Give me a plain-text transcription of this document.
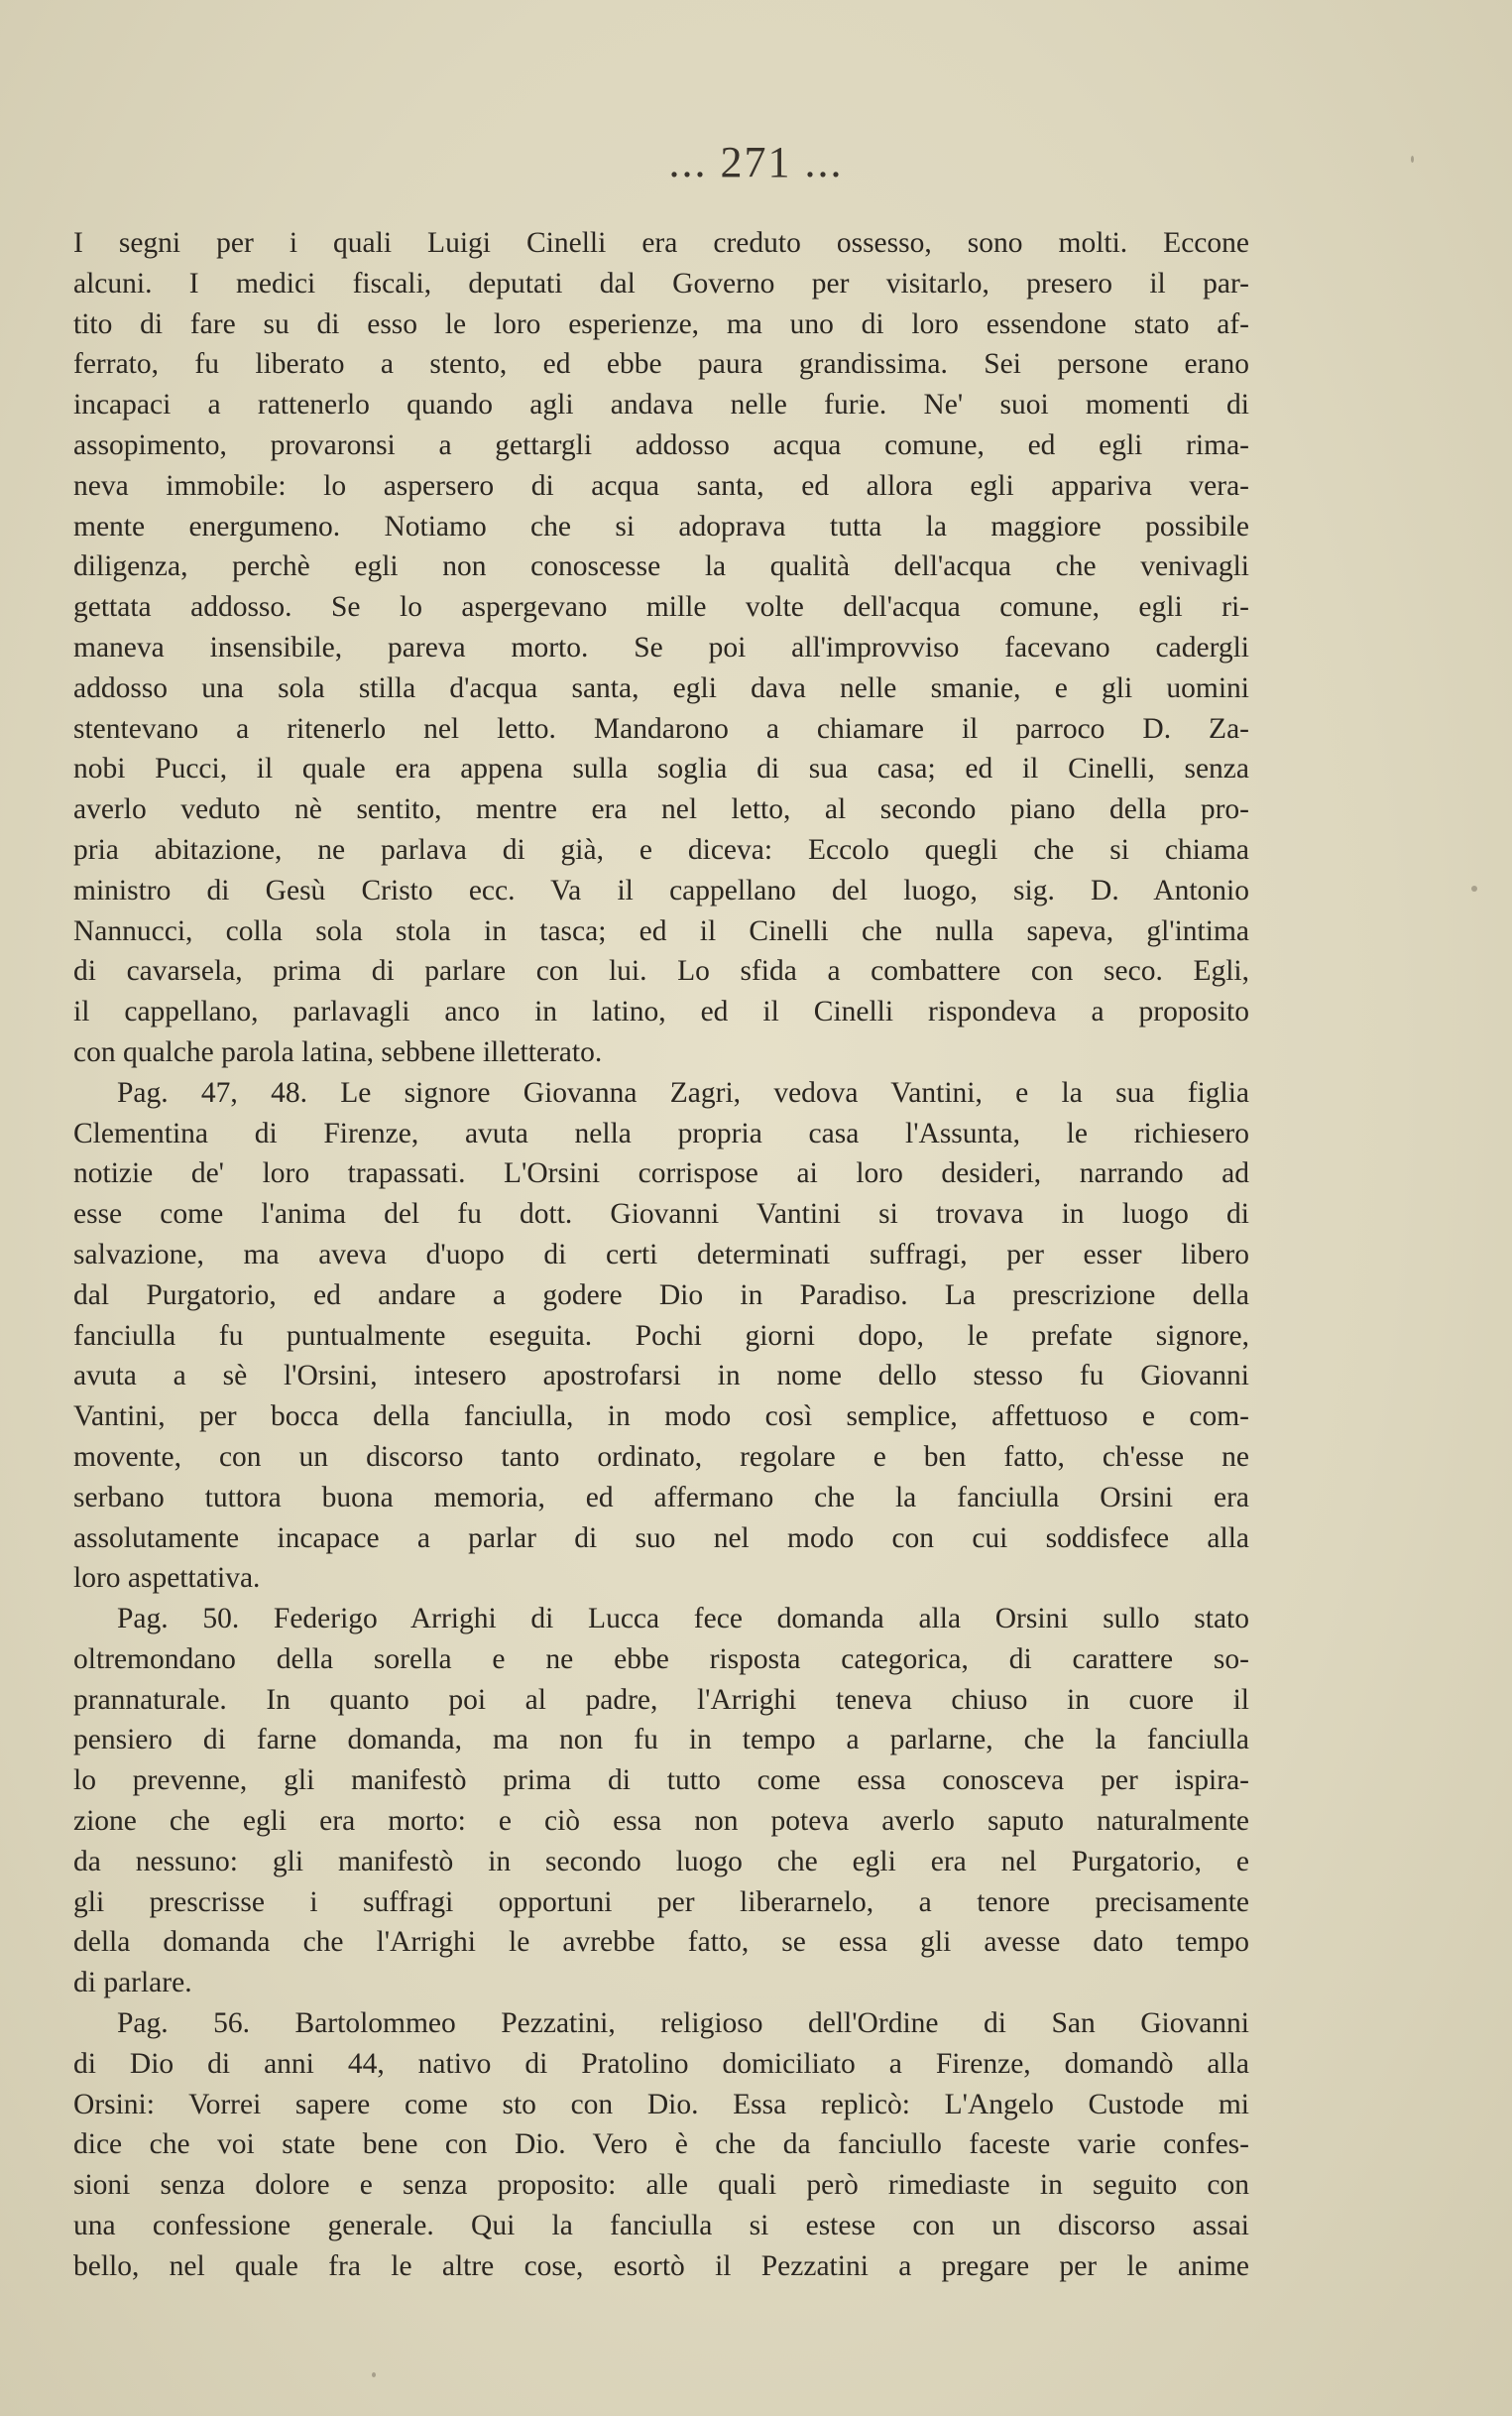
... 271 ...
I segni per i quali Luigi Cinelli era creduto ossesso, sono molti. Eccone
alcuni. I medici fiscali, deputati dal Governo per visitarlo, presero il par-
tito di fare su di esso le loro esperienze, ma uno di loro essendone stato af-
ferrato, fu liberato a stento, ed ebbe paura grandissima. Sei persone erano
incapaci a rattenerlo quando agli andava nelle furie. Ne' suoi momenti di
assopimento, provaronsi a gettargli addosso acqua comune, ed egli rima-
neva immobile: lo aspersero di acqua santa, ed allora egli appariva vera-
mente energumeno. Notiamo che si adoprava tutta la maggiore possibile
diligenza, perchè egli non conoscesse la qualità dell'acqua che venivagli
gettata addosso. Se lo aspergevano mille volte dell'acqua comune, egli ri-
maneva insensibile, pareva morto. Se poi all'improvviso facevano cadergli
addosso una sola stilla d'acqua santa, egli dava nelle smanie, e gli uomini
stentevano a ritenerlo nel letto. Mandarono a chiamare il parroco D. Za-
nobi Pucci, il quale era appena sulla soglia di sua casa; ed il Cinelli, senza
averlo veduto nè sentito, mentre era nel letto, al secondo piano della pro-
pria abitazione, ne parlava di già, e diceva: Eccolo quegli che si chiama
ministro di Gesù Cristo ecc. Va il cappellano del luogo, sig. D. Antonio
Nannucci, colla sola stola in tasca; ed il Cinelli che nulla sapeva, gl'intima
di cavarsela, prima di parlare con lui. Lo sfida a combattere con seco. Egli,
il cappellano, parlavagli anco in latino, ed il Cinelli rispondeva a proposito
con qualche parola latina, sebbene illetterato.
Pag. 47, 48. Le signore Giovanna Zagri, vedova Vantini, e la sua figlia
Clementina di Firenze, avuta nella propria casa l'Assunta, le richiesero
notizie de' loro trapassati. L'Orsini corrispose ai loro desideri, narrando ad
esse come l'anima del fu dott. Giovanni Vantini si trovava in luogo di
salvazione, ma aveva d'uopo di certi determinati suffragi, per esser libero
dal Purgatorio, ed andare a godere Dio in Paradiso. La prescrizione della
fanciulla fu puntualmente eseguita. Pochi giorni dopo, le prefate signore,
avuta a sè l'Orsini, intesero apostrofarsi in nome dello stesso fu Giovanni
Vantini, per bocca della fanciulla, in modo così semplice, affettuoso e com-
movente, con un discorso tanto ordinato, regolare e ben fatto, ch'esse ne
serbano tuttora buona memoria, ed affermano che la fanciulla Orsini era
assolutamente incapace a parlar di suo nel modo con cui soddisfece alla
loro aspettativa.
Pag. 50. Federigo Arrighi di Lucca fece domanda alla Orsini sullo stato
oltremondano della sorella e ne ebbe risposta categorica, di carattere so-
prannaturale. In quanto poi al padre, l'Arrighi teneva chiuso in cuore il
pensiero di farne domanda, ma non fu in tempo a parlarne, che la fanciulla
lo prevenne, gli manifestò prima di tutto come essa conosceva per ispira-
zione che egli era morto: e ciò essa non poteva averlo saputo naturalmente
da nessuno: gli manifestò in secondo luogo che egli era nel Purgatorio, e
gli prescrisse i suffragi opportuni per liberarnelo, a tenore precisamente
della domanda che l'Arrighi le avrebbe fatto, se essa gli avesse dato tempo
di parlare.
Pag. 56. Bartolommeo Pezzatini, religioso dell'Ordine di San Giovanni
di Dio di anni 44, nativo di Pratolino domiciliato a Firenze, domandò alla
Orsini: Vorrei sapere come sto con Dio. Essa replicò: L'Angelo Custode mi
dice che voi state bene con Dio. Vero è che da fanciullo faceste varie confes-
sioni senza dolore e senza proposito: alle quali però rimediaste in seguito con
una confessione generale. Qui la fanciulla si estese con un discorso assai
bello, nel quale fra le altre cose, esortò il Pezzatini a pregare per le anime
